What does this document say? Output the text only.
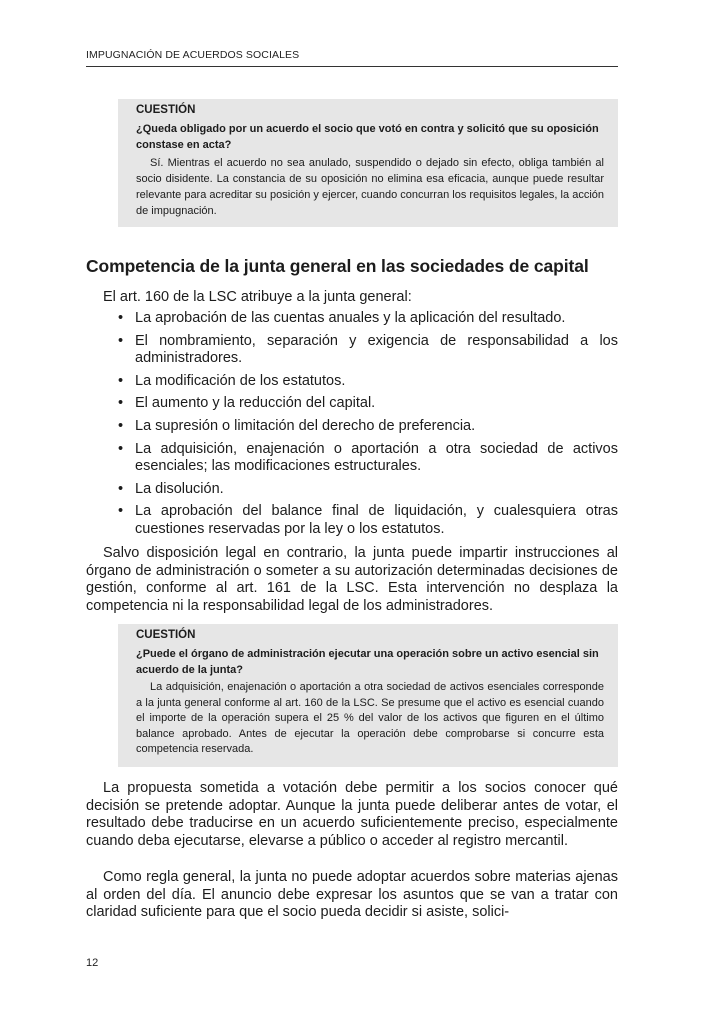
IMPUGNACIÓN DE ACUERDOS SOCIALES

CUESTIÓN

¿Queda obligado por un acuerdo el socio que votó en contra y solicitó que su oposición constase en acta?

Sí. Mientras el acuerdo no sea anulado, suspendido o dejado sin efecto, obliga también al socio disidente. La constancia de su oposición no elimina esa eficacia, aunque puede resultar relevante para acreditar su posición y ejercer, cuando concurran los requisitos legales, la acción de impugnación.

Competencia de la junta general en las sociedades de capital

El art. 160 de la LSC atribuye a la junta general:

• La aprobación de las cuentas anuales y la aplicación del resultado.
• El nombramiento, separación y exigencia de responsabilidad a los administradores.
• La modificación de los estatutos.
• El aumento y la reducción del capital.
• La supresión o limitación del derecho de preferencia.
• La adquisición, enajenación o aportación a otra sociedad de activos esenciales; las modificaciones estructurales.
• La disolución.
• La aprobación del balance final de liquidación, y cualesquiera otras cuestiones reservadas por la ley o los estatutos.

Salvo disposición legal en contrario, la junta puede impartir instrucciones al órgano de administración o someter a su autorización determinadas decisiones de gestión, conforme al art. 161 de la LSC. Esta intervención no desplaza la competencia ni la responsabilidad legal de los administradores.

CUESTIÓN

¿Puede el órgano de administración ejecutar una operación sobre un activo esencial sin acuerdo de la junta?

La adquisición, enajenación o aportación a otra sociedad de activos esenciales corresponde a la junta general conforme al art. 160 de la LSC. Se presume que el activo es esencial cuando el importe de la operación supera el 25 % del valor de los activos que figuren en el último balance aprobado. Antes de ejecutar la operación debe comprobarse si concurre esta competencia reservada.

La propuesta sometida a votación debe permitir a los socios conocer qué decisión se pretende adoptar. Aunque la junta puede deliberar antes de votar, el resultado debe traducirse en un acuerdo suficientemente preciso, especialmente cuando deba ejecutarse, elevarse a público o acceder al registro mercantil.

Como regla general, la junta no puede adoptar acuerdos sobre materias ajenas al orden del día. El anuncio debe expresar los asuntos que se van a tratar con claridad suficiente para que el socio pueda decidir si asiste, solici-

12
